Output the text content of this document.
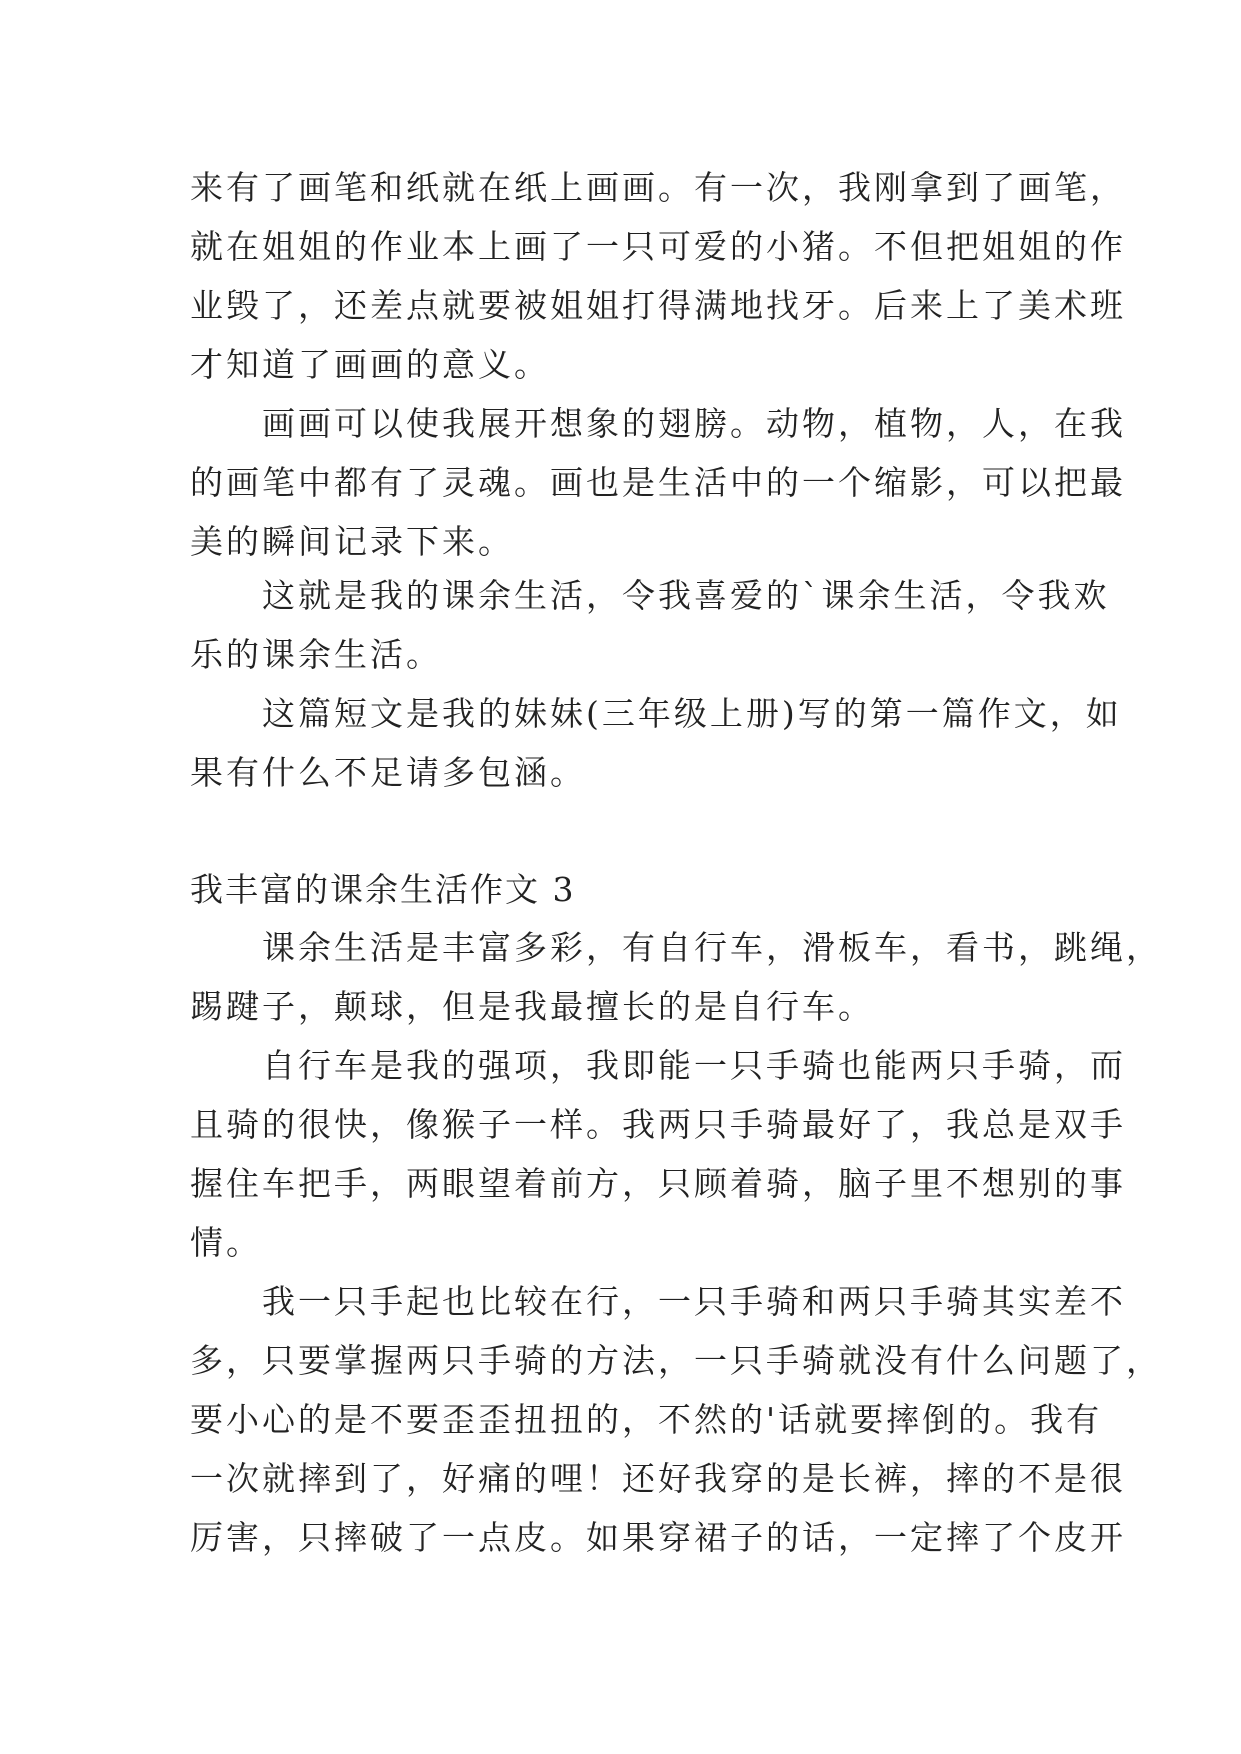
来有了画笔和纸就在纸上画画。有一次，我刚拿到了画笔，

就在姐姐的作业本上画了一只可爱的小猪。不但把姐姐的作

业毁了，还差点就要被姐姐打得满地找牙。后来上了美术班

才知道了画画的意义。

　　画画可以使我展开想象的翅膀。动物，植物，人，在我

的画笔中都有了灵魂。画也是生活中的一个缩影，可以把最

美的瞬间记录下来。

　　这就是我的课余生活，令我喜爱的`课余生活，令我欢

乐的课余生活。

　　这篇短文是我的妹妹(三年级上册)写的第一篇作文，如

果有什么不足请多包涵。

我丰富的课余生活作文 3

　　课余生活是丰富多彩，有自行车，滑板车，看书，跳绳，

踢踺子，颠球，但是我最擅长的是自行车。

　　自行车是我的强项，我即能一只手骑也能两只手骑，而

且骑的很快，像猴子一样。我两只手骑最好了，我总是双手

握住车把手，两眼望着前方，只顾着骑，脑子里不想别的事

情。

　　我一只手起也比较在行，一只手骑和两只手骑其实差不

多，只要掌握两只手骑的方法，一只手骑就没有什么问题了，

要小心的是不要歪歪扭扭的，不然的'话就要摔倒的。我有

一次就摔到了，好痛的哩！还好我穿的是长裤，摔的不是很

厉害，只摔破了一点皮。如果穿裙子的话，一定摔了个皮开
